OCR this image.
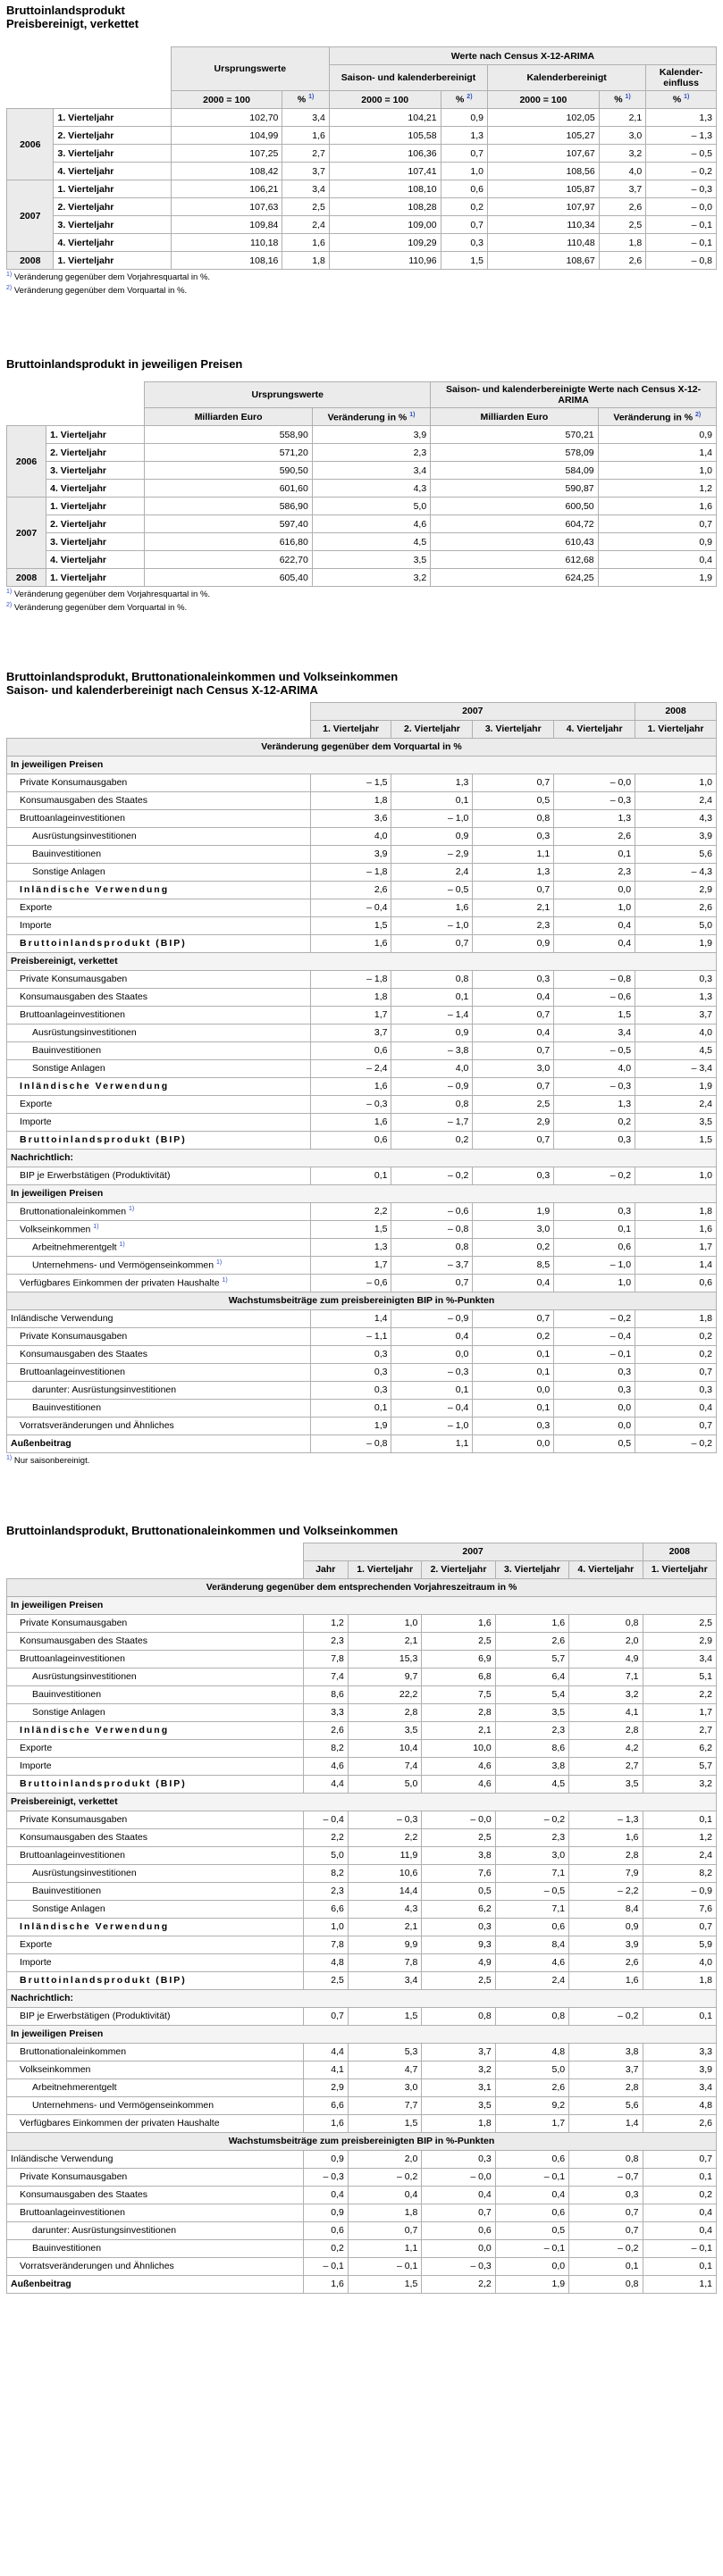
Bruttoinlandsprodukt
Preisbereinigt, verkettet
		Ursprungswerte		Werte nach Census X-12-ARIMA				
				Saison- und kalenderbereinigt		Kalenderbereinigt		Kalender-einfluss
		2000 = 100	% $^{1)}$	2000 = 100	% $^{2)}$	2000 = 100	% $^{1)}$	% $^{1)}$
2006	1. Vierteljahr	102,70	3,4	104,21	0,9	102,05	2,1	1,3
	2. Vierteljahr	104,99	1,6	105,58	1,3	105,27	3,0	– 1,3
	3. Vierteljahr	107,25	2,7	106,36	0,7	107,67	3,2	– 0,5
	4. Vierteljahr	108,42	3,7	107,41	1,0	108,56	4,0	– 0,2
2007	1. Vierteljahr	106,21	3,4	108,10	0,6	105,87	3,7	– 0,3
	2. Vierteljahr	107,63	2,5	108,28	0,2	107,97	2,6	– 0,0
	3. Vierteljahr	109,84	2,4	109,00	0,7	110,34	2,5	– 0,1
	4. Vierteljahr	110,18	1,6	109,29	0,3	110,48	1,8	– 0,1
2008	1. Vierteljahr	108,16	1,8	110,96	1,5	108,67	2,6	– 0,8
$^{1)}$ Veränderung gegenüber dem Vorjahresquartal in %.
$^{2)}$ Veränderung gegenüber dem Vorquartal in %.
Bruttoinlandsprodukt in jeweiligen Preisen
		Ursprungswerte		Saison- und kalenderbereinigte Werte nach Census X-12-ARIMA	
		Milliarden Euro	Veränderung in % $^{1)}$	Milliarden Euro	Veränderung in % $^{2)}$
2006	1. Vierteljahr	558,90	3,9	570,21	0,9
	2. Vierteljahr	571,20	2,3	578,09	1,4
	3. Vierteljahr	590,50	3,4	584,09	1,0
	4. Vierteljahr	601,60	4,3	590,87	1,2
2007	1. Vierteljahr	586,90	5,0	600,50	1,6
	2. Vierteljahr	597,40	4,6	604,72	0,7
	3. Vierteljahr	616,80	4,5	610,43	0,9
	4. Vierteljahr	622,70	3,5	612,68	0,4
2008	1. Vierteljahr	605,40	3,2	624,25	1,9
$^{1)}$ Veränderung gegenüber dem Vorjahresquartal in %.
$^{2)}$ Veränderung gegenüber dem Vorquartal in %.
Bruttoinlandsprodukt, Bruttonationaleinkommen und Volkseinkommen
Saison- und kalenderbereinigt nach Census X-12-ARIMA
	2007				2008
	1. Vierteljahr	2. Vierteljahr	3. Vierteljahr	4. Vierteljahr	1. Vierteljahr
Veränderung gegenüber dem Vorquartal in %					
In jeweiligen Preisen					
Private Konsumausgaben	– 1,5	1,3	0,7	– 0,0	1,0
Konsumausgaben des Staates	1,8	0,1	0,5	– 0,3	2,4
Bruttoanlageinvestitionen	3,6	– 1,0	0,8	1,3	4,3
Ausrüstungsinvestitionen	4,0	0,9	0,3	2,6	3,9
Bauinvestitionen	3,9	– 2,9	1,1	0,1	5,6
Sonstige Anlagen	– 1,8	2,4	1,3	2,3	– 4,3
Inländische Verwendung	2,6	– 0,5	0,7	0,0	2,9
Exporte	– 0,4	1,6	2,1	1,0	2,6
Importe	1,5	– 1,0	2,3	0,4	5,0
Bruttoinlandsprodukt (BIP)	1,6	0,7	0,9	0,4	1,9
Preisbereinigt, verkettet					
Private Konsumausgaben	– 1,8	0,8	0,3	– 0,8	0,3
Konsumausgaben des Staates	1,8	0,1	0,4	– 0,6	1,3
Bruttoanlageinvestitionen	1,7	– 1,4	0,7	1,5	3,7
Ausrüstungsinvestitionen	3,7	0,9	0,4	3,4	4,0
Bauinvestitionen	0,6	– 3,8	0,7	– 0,5	4,5
Sonstige Anlagen	– 2,4	4,0	3,0	4,0	– 3,4
Inländische Verwendung	1,6	– 0,9	0,7	– 0,3	1,9
Exporte	– 0,3	0,8	2,5	1,3	2,4
Importe	1,6	– 1,7	2,9	0,2	3,5
Bruttoinlandsprodukt (BIP)	0,6	0,2	0,7	0,3	1,5
Nachrichtlich:					
BIP je Erwerbstätigen (Produktivität)	0,1	– 0,2	0,3	– 0,2	1,0
In jeweiligen Preisen					
Bruttonationaleinkommen $^{1)}$	2,2	– 0,6	1,9	0,3	1,8
Volkseinkommen $^{1)}$	1,5	– 0,8	3,0	0,1	1,6
Arbeitnehmerentgelt $^{1)}$	1,3	0,8	0,2	0,6	1,7
Unternehmens- und Vermögenseinkommen $^{1)}$	1,7	– 3,7	8,5	– 1,0	1,4
Verfügbares Einkommen der privaten Haushalte $^{1)}$	– 0,6	0,7	0,4	1,0	0,6
Wachstumsbeiträge zum preisbereinigten BIP in %-Punkten					
Inländische Verwendung	1,4	– 0,9	0,7	– 0,2	1,8
Private Konsumausgaben	– 1,1	0,4	0,2	– 0,4	0,2
Konsumausgaben des Staates	0,3	0,0	0,1	– 0,1	0,2
Bruttoanlageinvestitionen	0,3	– 0,3	0,1	0,3	0,7
darunter: Ausrüstungsinvestitionen	0,3	0,1	0,0	0,3	0,3
Bauinvestitionen	0,1	– 0,4	0,1	0,0	0,4
Vorratsveränderungen und Ähnliches	1,9	– 1,0	0,3	0,0	0,7
Außenbeitrag	– 0,8	1,1	0,0	0,5	– 0,2
$^{1)}$ Nur saisonbereinigt.
Bruttoinlandsprodukt, Bruttonationaleinkommen und Volkseinkommen
	2007					2008
	Jahr	1. Vierteljahr	2. Vierteljahr	3. Vierteljahr	4. Vierteljahr	1. Vierteljahr
Veränderung gegenüber dem entsprechenden Vorjahreszeitraum in %						
In jeweiligen Preisen						
Private Konsumausgaben	1,2	1,0	1,6	1,6	0,8	2,5
Konsumausgaben des Staates	2,3	2,1	2,5	2,6	2,0	2,9
Bruttoanlageinvestitionen	7,8	15,3	6,9	5,7	4,9	3,4
Ausrüstungsinvestitionen	7,4	9,7	6,8	6,4	7,1	5,1
Bauinvestitionen	8,6	22,2	7,5	5,4	3,2	2,2
Sonstige Anlagen	3,3	2,8	2,8	3,5	4,1	1,7
Inländische Verwendung	2,6	3,5	2,1	2,3	2,8	2,7
Exporte	8,2	10,4	10,0	8,6	4,2	6,2
Importe	4,6	7,4	4,6	3,8	2,7	5,7
Bruttoinlandsprodukt (BIP)	4,4	5,0	4,6	4,5	3,5	3,2
Preisbereinigt, verkettet						
Private Konsumausgaben	– 0,4	– 0,3	– 0,0	– 0,2	– 1,3	0,1
Konsumausgaben des Staates	2,2	2,2	2,5	2,3	1,6	1,2
Bruttoanlageinvestitionen	5,0	11,9	3,8	3,0	2,8	2,4
Ausrüstungsinvestitionen	8,2	10,6	7,6	7,1	7,9	8,2
Bauinvestitionen	2,3	14,4	0,5	– 0,5	– 2,2	– 0,9
Sonstige Anlagen	6,6	4,3	6,2	7,1	8,4	7,6
Inländische Verwendung	1,0	2,1	0,3	0,6	0,9	0,7
Exporte	7,8	9,9	9,3	8,4	3,9	5,9
Importe	4,8	7,8	4,9	4,6	2,6	4,0
Bruttoinlandsprodukt (BIP)	2,5	3,4	2,5	2,4	1,6	1,8
Nachrichtlich:						
BIP je Erwerbstätigen (Produktivität)	0,7	1,5	0,8	0,8	– 0,2	0,1
In jeweiligen Preisen						
Bruttonationaleinkommen	4,4	5,3	3,7	4,8	3,8	3,3
Volkseinkommen	4,1	4,7	3,2	5,0	3,7	3,9
Arbeitnehmerentgelt	2,9	3,0	3,1	2,6	2,8	3,4
Unternehmens- und Vermögenseinkommen	6,6	7,7	3,5	9,2	5,6	4,8
Verfügbares Einkommen der privaten Haushalte	1,6	1,5	1,8	1,7	1,4	2,6
Wachstumsbeiträge zum preisbereinigten BIP in %-Punkten						
Inländische Verwendung	0,9	2,0	0,3	0,6	0,8	0,7
Private Konsumausgaben	– 0,3	– 0,2	– 0,0	– 0,1	– 0,7	0,1
Konsumausgaben des Staates	0,4	0,4	0,4	0,4	0,3	0,2
Bruttoanlageinvestitionen	0,9	1,8	0,7	0,6	0,7	0,4
darunter: Ausrüstungsinvestitionen	0,6	0,7	0,6	0,5	0,7	0,4
Bauinvestitionen	0,2	1,1	0,0	– 0,1	– 0,2	– 0,1
Vorratsveränderungen und Ähnliches	– 0,1	– 0,1	– 0,3	0,0	0,1	0,1
Außenbeitrag	1,6	1,5	2,2	1,9	0,8	1,1
